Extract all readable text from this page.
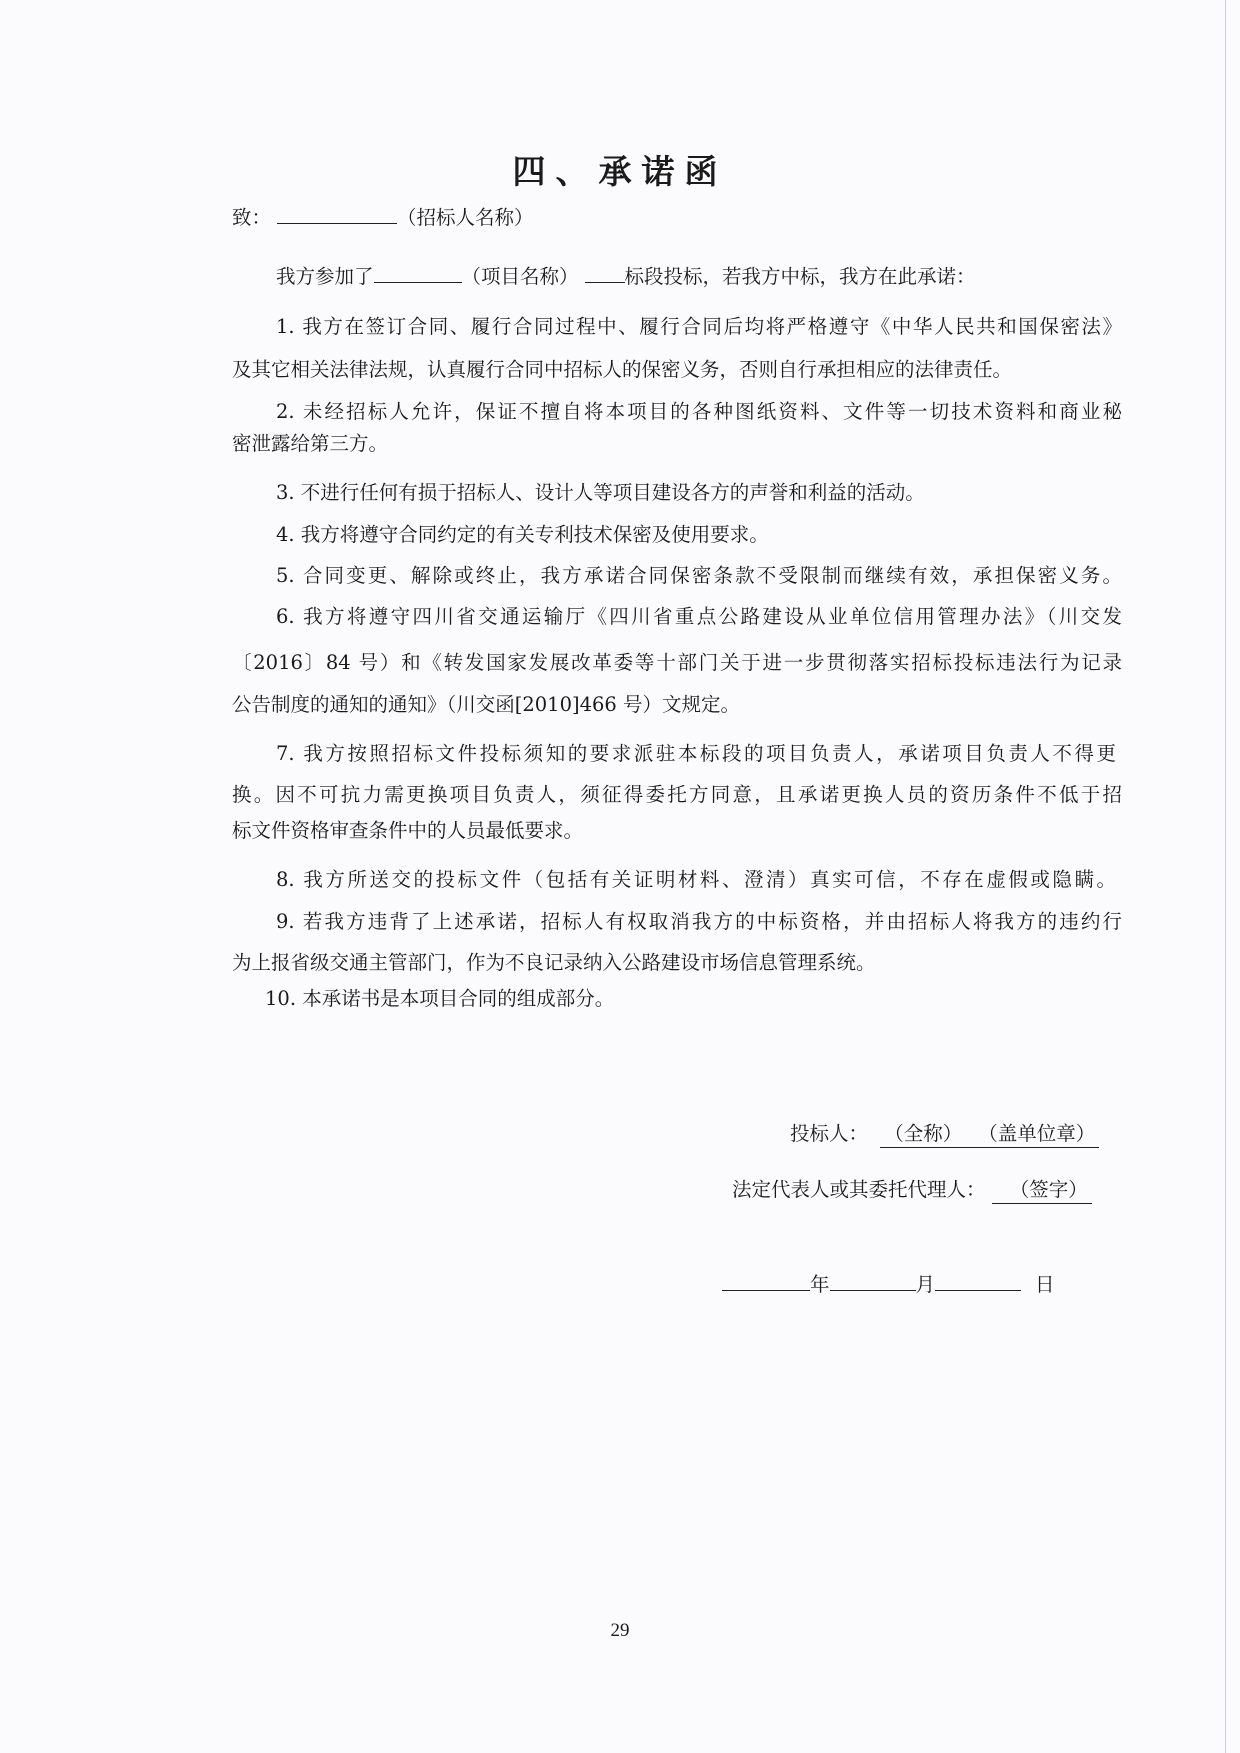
四、承诺函
致：	（招标人名称）
我方参加了	（项目名称） 标段投标，若我方中标，我方在此承诺：
1. 我方在签订合同、履行合同过程中、履行合同后均将严格遵守《中华人民共和国保密法》
及其它相关法律法规，认真履行合同中招标人的保密义务，否则自行承担相应的法律责任。
2. 未经招标人允许，保证不擅自将本项目的各种图纸资料、文件等一切技术资料和商业秘
密泄露给第三方。
3. 不进行任何有损于招标人、设计人等项目建设各方的声誉和利益的活动。
4. 我方将遵守合同约定的有关专利技术保密及使用要求。
5. 合同变更、解除或终止，我方承诺合同保密条款不受限制而继续有效，承担保密义务。
6. 我方将遵守四川省交通运输厅《四川省重点公路建设从业单位信用管理办法》（川交发
〔2016〕84 号）和《转发国家发展改革委等十部门关于进一步贯彻落实招标投标违法行为记录
公告制度的通知的通知》（川交函[2010]466 号）文规定。
7. 我方按照招标文件投标须知的要求派驻本标段的项目负责人，承诺项目负责人不得更
换。因不可抗力需更换项目负责人，须征得委托方同意，且承诺更换人员的资历条件不低于招
标文件资格审查条件中的人员最低要求。
8. 我方所送交的投标文件（包括有关证明材料、澄清）真实可信，不存在虚假或隐瞒。
9. 若我方违背了上述承诺，招标人有权取消我方的中标资格，并由招标人将我方的违约行
为上报省级交通主管部门，作为不良记录纳入公路建设市场信息管理系统。
10. 本承诺书是本项目合同的组成部分。
投标人： （全称） （盖单位章）
法定代表人或其委托代理人： （签字）
年	月	日
29
